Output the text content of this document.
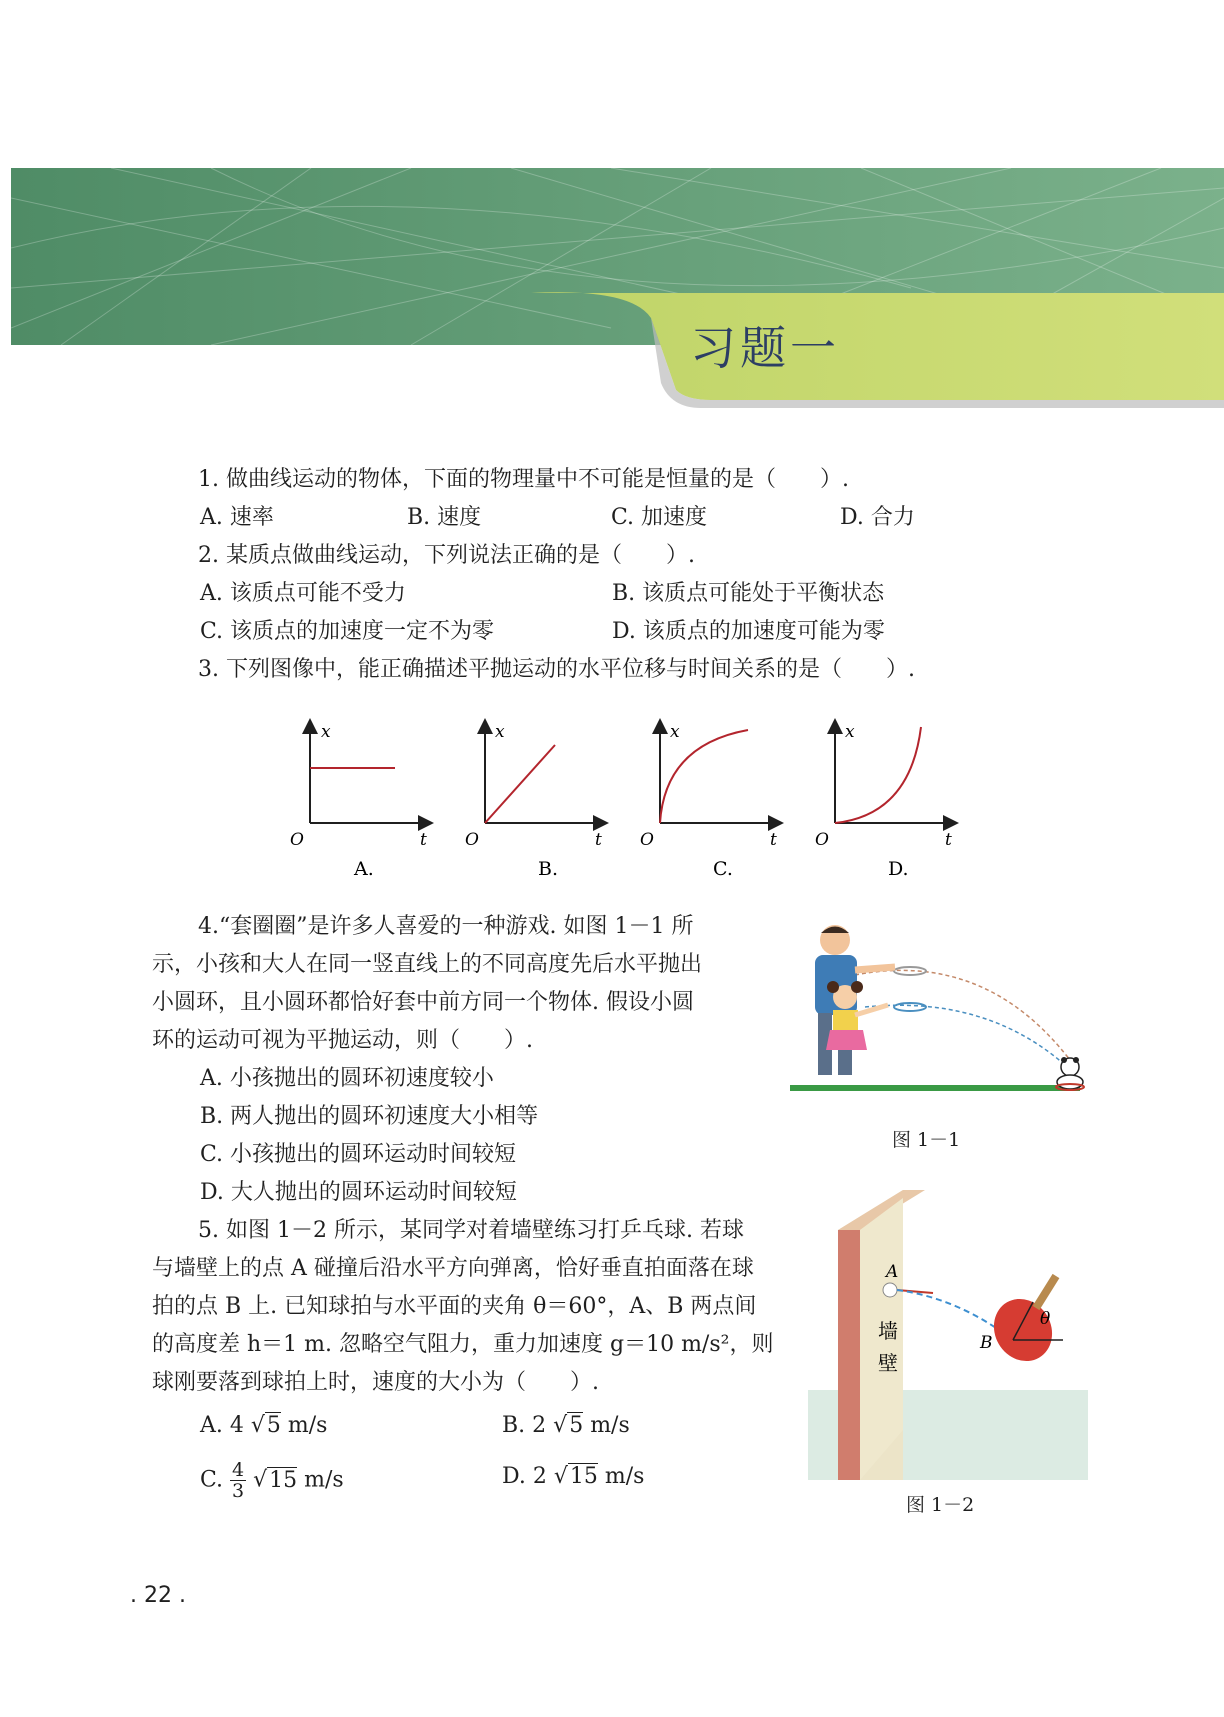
习题一
1. 做曲线运动的物体，下面的物理量中不可能是恒量的是（　　）.
A. 速率	B. 速度	C. 加速度	D. 合力
2. 某质点做曲线运动，下列说法正确的是（　　）.
A. 该质点可能不受力	B. 该质点可能处于平衡状态
C. 该质点的加速度一定不为零	D. 该质点的加速度可能为零
3. 下列图像中，能正确描述平抛运动的水平位移与时间关系的是（　　）.
x
t
O
A.
x
t
O
B.
x
t
O
C.
x
t
O
D.
4.“套圈圈”是许多人喜爱的一种游戏. 如图 1－1 所
示，小孩和大人在同一竖直线上的不同高度先后水平抛出
小圆环，且小圆环都恰好套中前方同一个物体. 假设小圆
环的运动可视为平抛运动，则（　　）.
A. 小孩抛出的圆环初速度较小
B. 两人抛出的圆环初速度大小相等
C. 小孩抛出的圆环运动时间较短
D. 大人抛出的圆环运动时间较短
图 1－1
5. 如图 1－2 所示，某同学对着墙壁练习打乒乓球. 若球
与墙壁上的点 A 碰撞后沿水平方向弹离，恰好垂直拍面落在球
拍的点 B 上. 已知球拍与水平面的夹角 θ＝60°，A、B 两点间
的高度差 h＝1 m. 忽略空气阻力，重力加速度 g＝10 m/s²，则
球刚要落到球拍上时，速度的大小为（　　）.
A. 4 √5 m/s	B. 2 √5 m/s
C. $\frac{4}{3} √15$ m/s	D. 2 √15 m/s
A
B
θ
墙
壁
图 1－2
. 22 .
